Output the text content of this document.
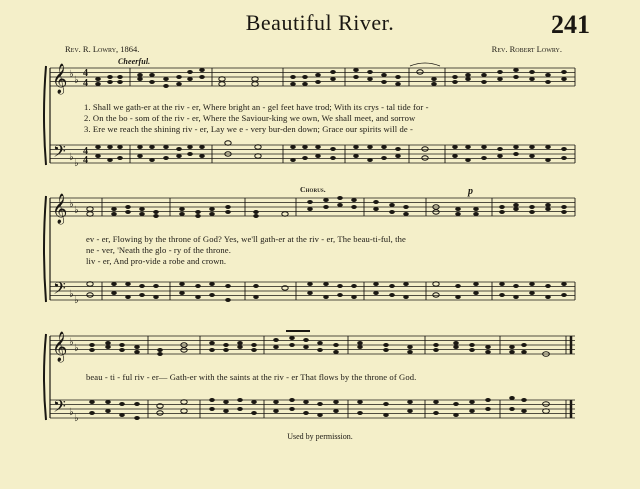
Beautiful River.	241
Rev. R. Lowry, 1864.	Rev. Robert Lowry.
𝄞
𝄢
♭
♭
♭
♭
4
4
4
4
𝄞
𝄢
♭
♭
♭
♭
𝄞
𝄢
♭
♭
♭
♭
Cheerful.
1. Shall we gath-er at the riv - er, Where bright an - gel feet have trod; With its crys - tal tide for -
2. On the bo - som of the riv - er, Where the Saviour-king we own, We shall meet, and sorrow
3. Ere we reach the shining riv - er, Lay we e - very bur-den down; Grace our spirits will de -
Chorus.	p
ev - er, Flowing by the throne of God? Yes, we'll gath-er at the riv - er, The beau-ti-ful, the
ne - ver, 'Neath the glo - ry of the throne.
liv - er, And pro-vide a robe and crown.
beau - ti - ful riv - er— Gath-er with the saints at the riv - er That flows by the throne of God.
Used by permission.
